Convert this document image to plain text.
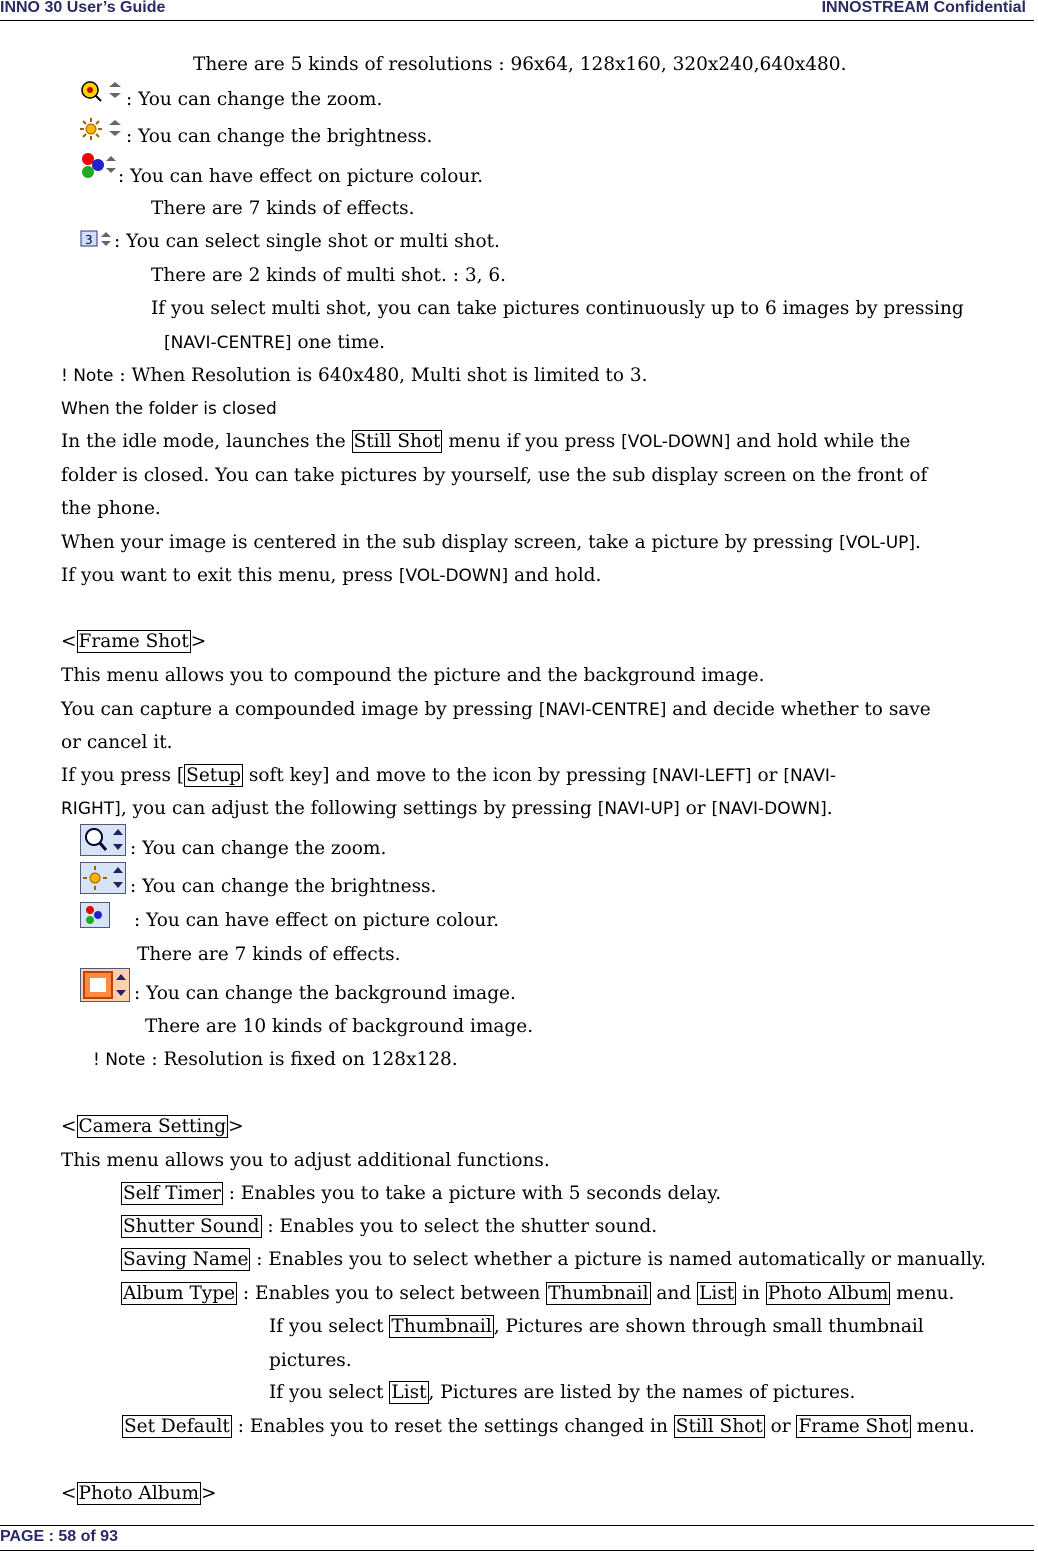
INNO 30 User’s Guide	INNOSTREAM Confidential
There are 5 kinds of resolutions : 96x64, 128x160, 320x240,640x480.
: You can change the zoom.
: You can change the brightness.
: You can have effect on picture colour.
There are 7 kinds of effects.
3 : You can select single shot or multi shot.
There are 2 kinds of multi shot. : 3, 6.
If you select multi shot, you can take pictures continuously up to 6 images by pressing
[NAVI-CENTRE] one time.
! Note : When Resolution is 640x480, Multi shot is limited to 3.
When the folder is closed
In the idle mode, launches the Still Shot menu if you press [VOL-DOWN] and hold while the
folder is closed. You can take pictures by yourself, use the sub display screen on the front of
the phone.
When your image is centered in the sub display screen, take a picture by pressing [VOL-UP].
If you want to exit this menu, press [VOL-DOWN] and hold.
< Frame Shot >
This menu allows you to compound the picture and the background image.
You can capture a compounded image by pressing [NAVI-CENTRE] and decide whether to save
or cancel it.
If you press [ Setup soft key] and move to the icon by pressing [NAVI-LEFT] or [NAVI-
RIGHT], you can adjust the following settings by pressing [NAVI-UP] or [NAVI-DOWN].
: You can change the zoom.
: You can change the brightness.
: You can have effect on picture colour.
There are 7 kinds of effects.
: You can change the background image.
There are 10 kinds of background image.
! Note : Resolution is fixed on 128x128.
< Camera Setting >
This menu allows you to adjust additional functions.
Self Timer : Enables you to take a picture with 5 seconds delay.
Shutter Sound : Enables you to select the shutter sound.
Saving Name : Enables you to select whether a picture is named automatically or manually.
Album Type : Enables you to select between Thumbnail and List in Photo Album menu.
If you select Thumbnail , Pictures are shown through small thumbnail
pictures.
If you select List , Pictures are listed by the names of pictures.
Set Default : Enables you to reset the settings changed in Still Shot or Frame Shot menu.
< Photo Album >
PAGE : 58 of 93
